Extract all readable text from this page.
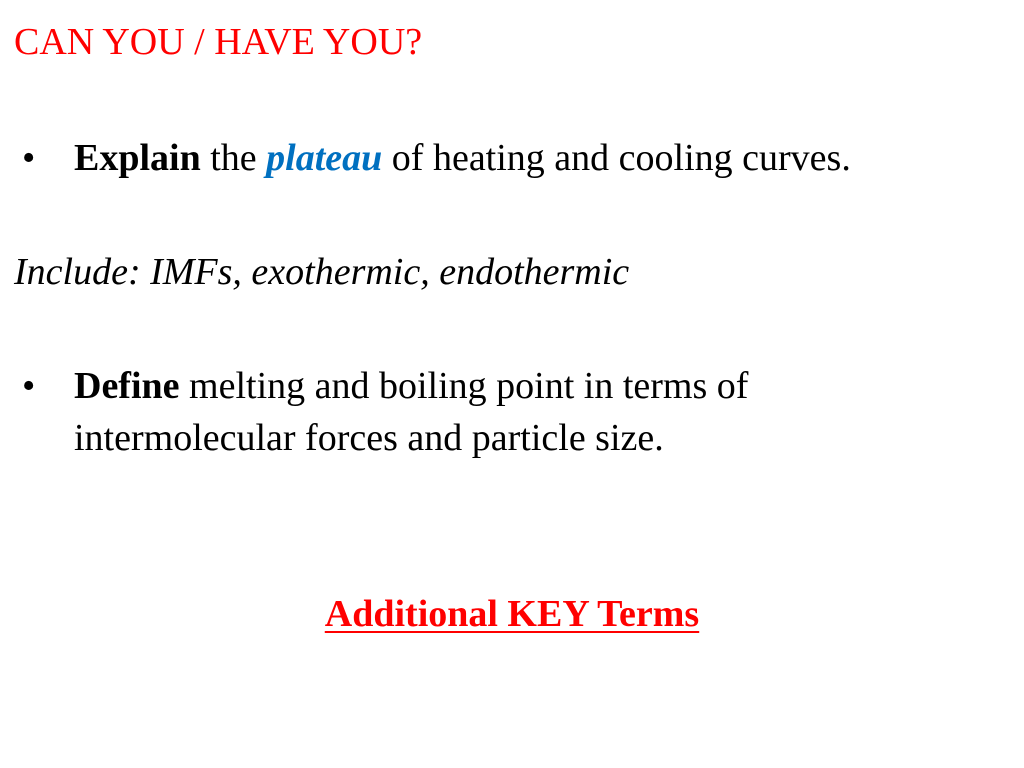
CAN YOU / HAVE YOU?
• Explain the plateau of heating and cooling curves.
Include: IMFs, exothermic, endothermic
• Define melting and boiling point in terms of intermolecular forces and particle size.
Additional KEY Terms
